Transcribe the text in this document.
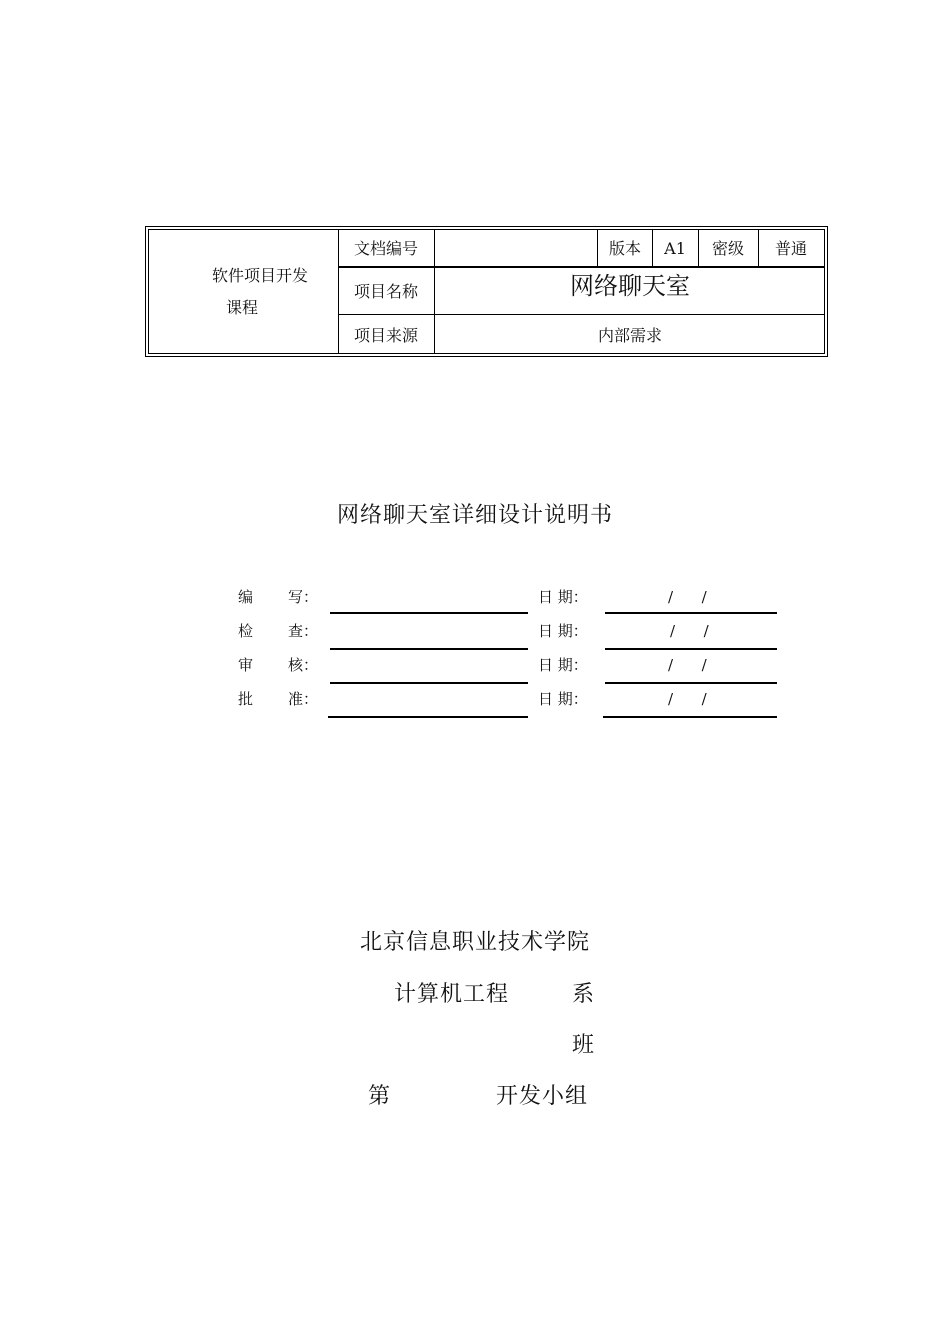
软件项目开发
课程
文档编号	版本 A1 密级 普通
项目名称	网络聊天室
项目来源	内部需求
网络聊天室详细设计说明书
编 写：	日 期：	/      /
检 查：	日 期：	/      /
审 核：	日 期：	/      /
批 准：	日 期：	/      /
北京信息职业技术学院
计算机工程	系
班
第	开发小组
